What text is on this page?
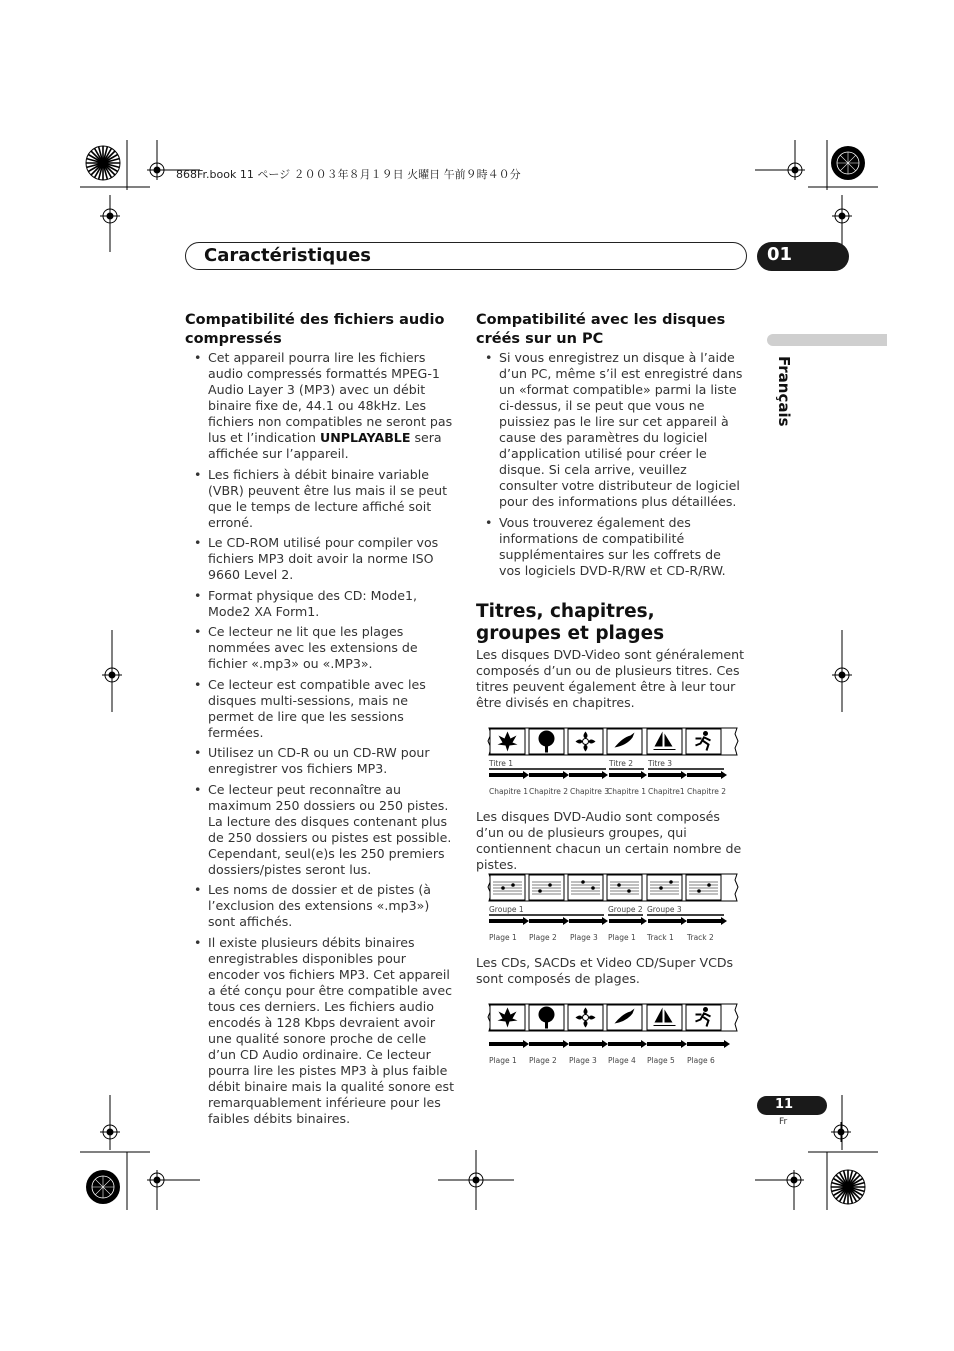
868Fr.book 11 ページ ２００３年８月１９日 火曜日 午前９時４０分
Caractéristiques	01
Français
Compatibilité des fichiers audio compressés
• Cet appareil pourra lire les fichiers audio compressés formattés MPEG-1 Audio Layer 3 (MP3) avec un débit binaire fixe de, 44.1 ou 48kHz. Les fichiers non compatibles ne seront pas lus et l’indication UNPLAYABLE sera affichée sur l’appareil.
• Les fichiers à débit binaire variable (VBR) peuvent être lus mais il se peut que le temps de lecture affiché soit erroné.
• Le CD-ROM utilisé pour compiler vos fichiers MP3 doit avoir la norme ISO 9660 Level 2.
• Format physique des CD: Mode1, Mode2 XA Form1.
• Ce lecteur ne lit que les plages nommées avec les extensions de fichier «.mp3» ou «.MP3».
• Ce lecteur est compatible avec les disques multi-sessions, mais ne permet de lire que les sessions fermées.
• Utilisez un CD-R ou un CD-RW pour enregistrer vos fichiers MP3.
• Ce lecteur peut reconnaître au maximum 250 dossiers ou 250 pistes. La lecture des disques contenant plus de 250 dossiers ou pistes est possible. Cependant, seul(e)s les 250 premiers dossiers/pistes seront lus.
• Les noms de dossier et de pistes (à l’exclusion des extensions «.mp3») sont affichés.
• Il existe plusieurs débits binaires enregistrables disponibles pour encoder vos fichiers MP3. Cet appareil a été conçu pour être compatible avec tous ces derniers. Les fichiers audio encodés à 128 Kbps devraient avoir une qualité sonore proche de celle d’un CD Audio ordinaire. Ce lecteur pourra lire les pistes MP3 à plus faible débit binaire mais la qualité sonore est remarquablement inférieure pour les faibles débits binaires.
Compatibilité avec les disques créés sur un PC
• Si vous enregistrez un disque à l’aide d’un PC, même s’il est enregistré dans un «format compatible» parmi la liste ci-dessus, il se peut que vous ne puissiez pas le lire sur cet appareil à cause des paramètres du logiciel d’application utilisé pour créer le disque. Si cela arrive, veuillez consulter votre distributeur de logiciel pour des informations plus détaillées.
• Vous trouverez également des informations de compatibilité supplémentaires sur les coffrets de vos logiciels DVD-R/RW et CD-R/RW.
Titres, chapitres, groupes et plages

Les disques DVD-Video sont généralement composés d’un ou de plusieurs titres. Ces titres peuvent également être à leur tour être divisés en chapitres.

Titre 1	Titre 2 Titre 3
Chapitre 1 Chapitre 2 Chapitre 3
Chapitre 1 Chapitre1 Chapitre 2

Les disques DVD-Audio sont composés d’un ou de plusieurs groupes, qui contiennent chacun un certain nombre de pistes.

Groupe 1	Groupe 2 Groupe 3
Plage 1 Plage 2 Plage 3 Plage 1 Track 1 Track 2

Les CDs, SACDs et Video CD/Super VCDs sont composés de plages.

Plage 1 Plage 2 Plage 3 Plage 4 Plage 5 Plage 6
11
Fr
